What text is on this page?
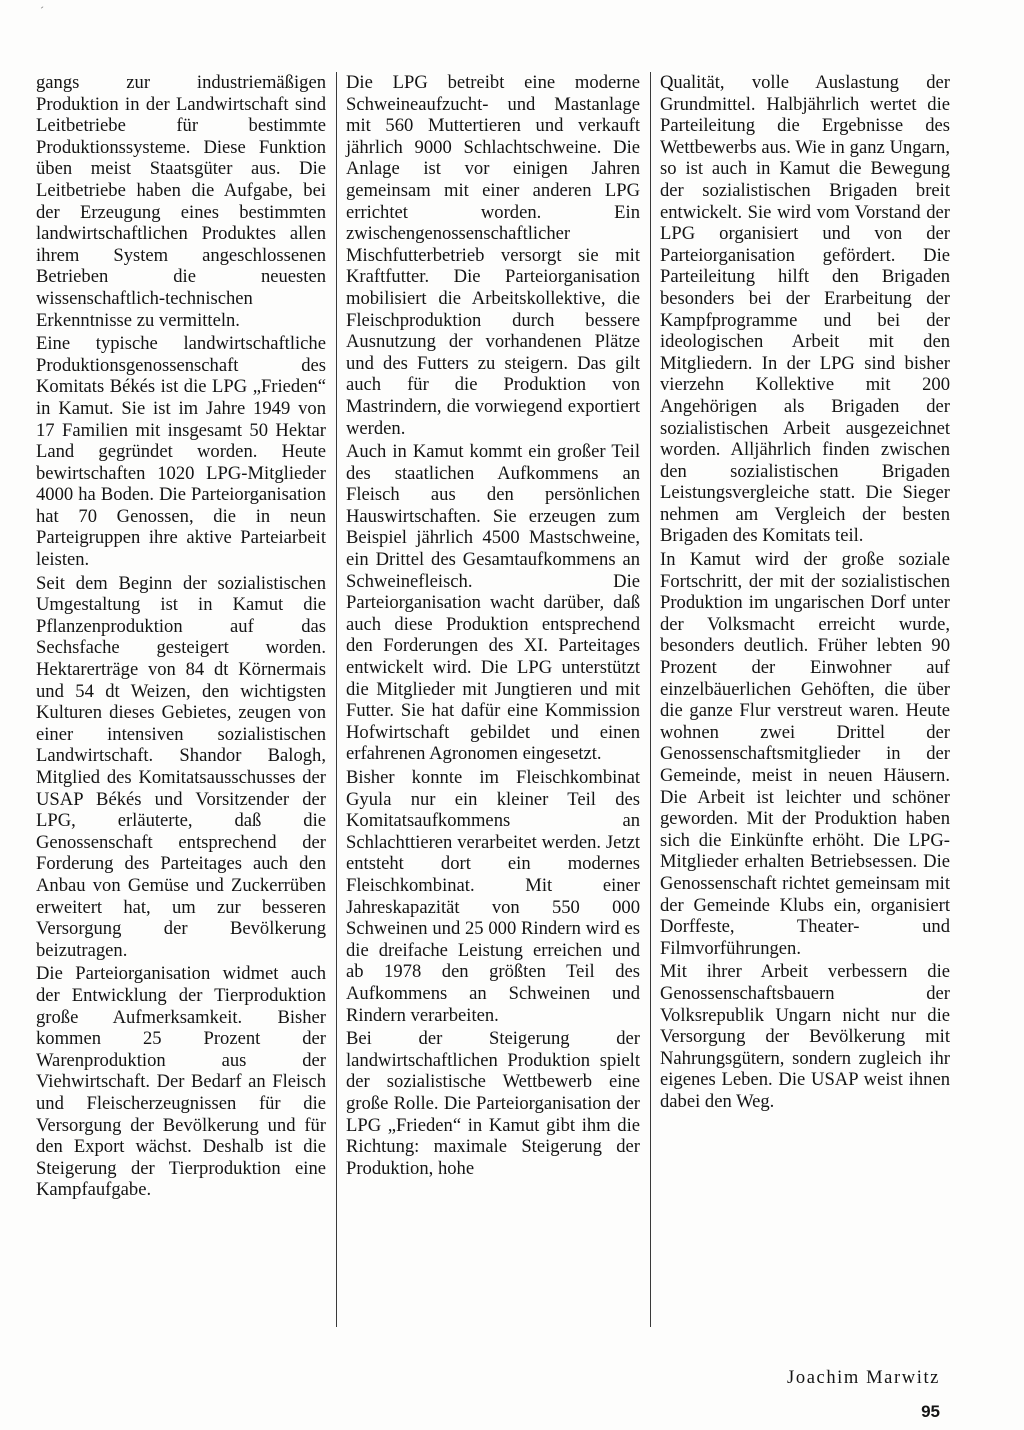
´

gangs zur industriemäßigen Produktion in der Landwirtschaft sind Leitbetriebe für bestimmte Produktionssysteme. Diese Funktion üben meist Staatsgüter aus. Die Leitbetriebe haben die Aufgabe, bei der Erzeugung eines bestimmten landwirtschaftlichen Produktes allen ihrem System angeschlossenen Betrieben die neuesten wissenschaftlich-technischen Erkenntnisse zu vermitteln.

Eine typische landwirtschaftliche Produktionsgenossenschaft des Komitats Békés ist die LPG „Frieden“ in Kamut. Sie ist im Jahre 1949 von 17 Familien mit insgesamt 50 Hektar Land gegründet worden. Heute bewirtschaften 1020 LPG-Mitglieder 4000 ha Boden. Die Parteiorganisation hat 70 Genossen, die in neun Parteigruppen ihre aktive Parteiarbeit leisten.

Seit dem Beginn der sozialistischen Umgestaltung ist in Kamut die Pflanzenproduktion auf das Sechsfache gesteigert worden. Hektarerträge von 84 dt Körnermais und 54 dt Weizen, den wichtigsten Kulturen dieses Gebietes, zeugen von einer intensiven sozialistischen Landwirtschaft. Shandor Balogh, Mitglied des Komitatsausschusses der USAP Békés und Vorsitzender der LPG, erläuterte, daß die Genossenschaft entsprechend der Forderung des Parteitages auch den Anbau von Gemüse und Zuckerrüben erweitert hat, um zur besseren Versorgung der Bevölkerung beizutragen.

Die Parteiorganisation widmet auch der Entwicklung der Tierproduktion große Aufmerksamkeit. Bisher kommen 25 Prozent der Warenproduktion aus der Viehwirtschaft. Der Bedarf an Fleisch und Fleischerzeugnissen für die Versorgung der Bevölkerung und für den Export wächst. Deshalb ist die Steigerung der Tierproduktion eine Kampfaufgabe.

Die LPG betreibt eine moderne Schweineaufzucht- und Mastanlage mit 560 Muttertieren und verkauft jährlich 9000 Schlachtschweine. Die Anlage ist vor einigen Jahren gemeinsam mit einer anderen LPG errichtet worden. Ein zwischengenossenschaftlicher Mischfutterbetrieb versorgt sie mit Kraftfutter. Die Parteiorganisation mobilisiert die Arbeitskollektive, die Fleischproduktion durch bessere Ausnutzung der vorhandenen Plätze und des Futters zu steigern. Das gilt auch für die Produktion von Mastrindern, die vorwiegend exportiert werden.

Auch in Kamut kommt ein großer Teil des staatlichen Aufkommens an Fleisch aus den persönlichen Hauswirtschaften. Sie erzeugen zum Beispiel jährlich 4500 Mastschweine, ein Drittel des Gesamtaufkommens an Schweinefleisch. Die Parteiorganisation wacht darüber, daß auch diese Produktion entsprechend den Forderungen des XI. Parteitages entwickelt wird. Die LPG unterstützt die Mitglieder mit Jungtieren und mit Futter. Sie hat dafür eine Kommission Hofwirtschaft gebildet und einen erfahrenen Agronomen eingesetzt.

Bisher konnte im Fleischkombinat Gyula nur ein kleiner Teil des Komitatsaufkommens an Schlachttieren verarbeitet werden. Jetzt entsteht dort ein modernes Fleischkombinat. Mit einer Jahreskapazität von 550 000 Schweinen und 25 000 Rindern wird es die dreifache Leistung erreichen und ab 1978 den größten Teil des Aufkommens an Schweinen und Rindern verarbeiten.

Bei der Steigerung der landwirtschaftlichen Produktion spielt der sozialistische Wettbewerb eine große Rolle. Die Parteiorganisation der LPG „Frieden“ in Kamut gibt ihm die Richtung: maximale Steigerung der Produktion, hohe

Qualität, volle Auslastung der Grundmittel. Halbjährlich wertet die Parteileitung die Ergebnisse des Wettbewerbs aus. Wie in ganz Ungarn, so ist auch in Kamut die Bewegung der sozialistischen Brigaden breit entwickelt. Sie wird vom Vorstand der LPG organisiert und von der Parteiorganisation gefördert. Die Parteileitung hilft den Brigaden besonders bei der Erarbeitung der Kampfprogramme und bei der ideologischen Arbeit mit den Mitgliedern. In der LPG sind bisher vierzehn Kollektive mit 200 Angehörigen als Brigaden der sozialistischen Arbeit ausgezeichnet worden. Alljährlich finden zwischen den sozialistischen Brigaden Leistungsvergleiche statt. Die Sieger nehmen am Vergleich der besten Brigaden des Komitats teil.

In Kamut wird der große soziale Fortschritt, der mit der sozialistischen Produktion im ungarischen Dorf unter der Volksmacht erreicht wurde, besonders deutlich. Früher lebten 90 Prozent der Einwohner auf einzelbäuerlichen Gehöften, die über die ganze Flur verstreut waren. Heute wohnen zwei Drittel der Genossenschaftsmitglieder in der Gemeinde, meist in neuen Häusern. Die Arbeit ist leichter und schöner geworden. Mit der Produktion haben sich die Einkünfte erhöht. Die LPG-Mitglieder erhalten Betriebsessen. Die Genossenschaft richtet gemeinsam mit der Gemeinde Klubs ein, organisiert Dorffeste, Theater- und Filmvorführungen.

Mit ihrer Arbeit verbessern die Genossenschaftsbauern der Volksrepublik Ungarn nicht nur die Versorgung der Bevölkerung mit Nahrungsgütern, sondern zugleich ihr eigenes Leben. Die USAP weist ihnen dabei den Weg.

Joachim Marwitz
95
